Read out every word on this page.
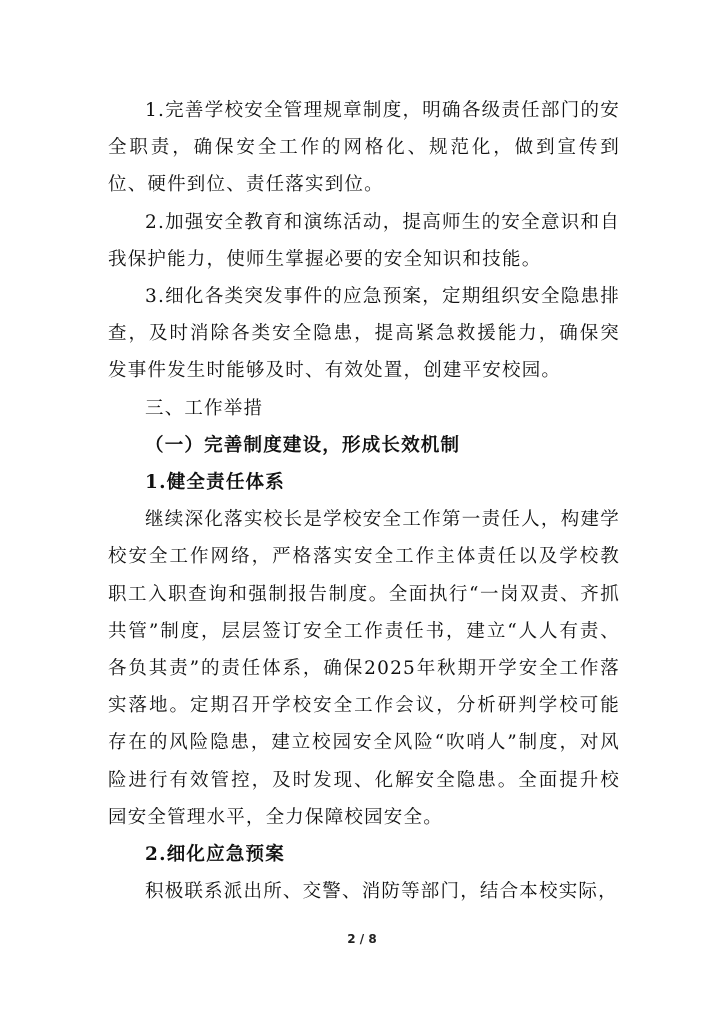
1.完善学校安全管理规章制度，明确各级责任部门的安全职责，确保安全工作的网格化、规范化，做到宣传到位、硬件到位、责任落实到位。

2.加强安全教育和演练活动，提高师生的安全意识和自我保护能力，使师生掌握必要的安全知识和技能。

3.细化各类突发事件的应急预案，定期组织安全隐患排查，及时消除各类安全隐患，提高紧急救援能力，确保突发事件发生时能够及时、有效处置，创建平安校园。

三、工作举措

（一）完善制度建设，形成长效机制

1.健全责任体系

继续深化落实校长是学校安全工作第一责任人，构建学校安全工作网络，严格落实安全工作主体责任以及学校教职工入职查询和强制报告制度。全面执行“一岗双责、齐抓共管”制度，层层签订安全工作责任书，建立“人人有责、各负其责”的责任体系，确保2025年秋期开学安全工作落实落地。定期召开学校安全工作会议，分析研判学校可能存在的风险隐患，建立校园安全风险“吹哨人”制度，对风险进行有效管控，及时发现、化解安全隐患。全面提升校园安全管理水平，全力保障校园安全。

2.细化应急预案

积极联系派出所、交警、消防等部门，结合本校实际，

2 / 8
